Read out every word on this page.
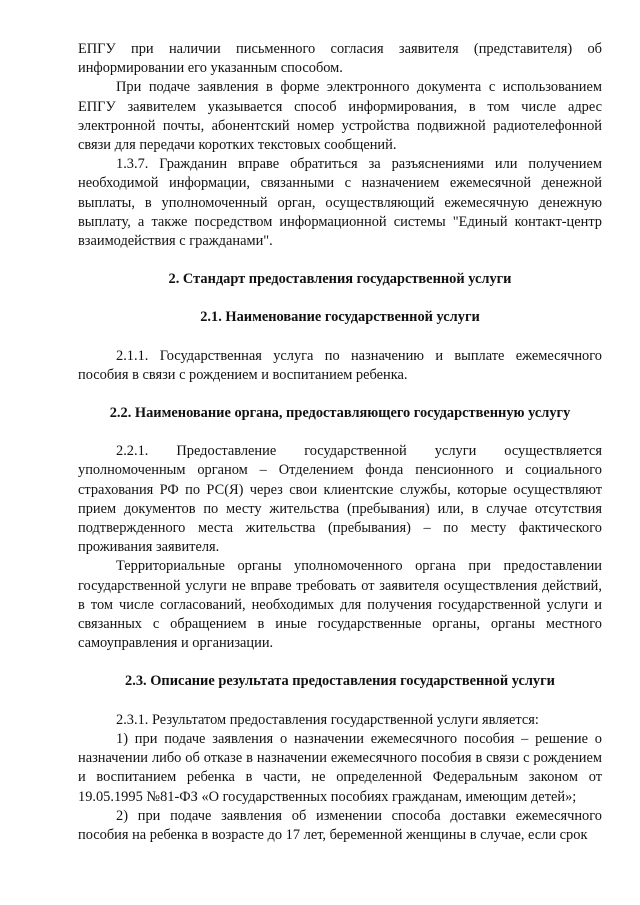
ЕПГУ при наличии письменного согласия заявителя (представителя) об информировании его указанным способом.

При подаче заявления в форме электронного документа с использованием ЕПГУ заявителем указывается способ информирования, в том числе адрес электронной почты, абонентский номер устройства подвижной радиотелефонной связи для передачи коротких текстовых сообщений.

1.3.7. Гражданин вправе обратиться за разъяснениями или получением необходимой информации, связанными с назначением ежемесячной денежной выплаты, в уполномоченный орган, осуществляющий ежемесячную денежную выплату, а также посредством информационной системы "Единый контакт-центр взаимодействия с гражданами".

2. Стандарт предоставления государственной услуги

2.1. Наименование государственной услуги

2.1.1. Государственная услуга по назначению и выплате ежемесячного пособия в связи с рождением и воспитанием ребенка.

2.2. Наименование органа, предоставляющего государственную услугу

2.2.1. Предоставление государственной услуги осуществляется уполномоченным органом – Отделением фонда пенсионного и социального страхования РФ по РС(Я) через свои клиентские службы, которые осуществляют прием документов по месту жительства (пребывания) или, в случае отсутствия подтвержденного места жительства (пребывания) – по месту фактического проживания заявителя.

Территориальные органы уполномоченного органа при предоставлении государственной услуги не вправе требовать от заявителя осуществления действий, в том числе согласований, необходимых для получения государственной услуги и связанных с обращением в иные государственные органы, органы местного самоуправления и организации.

2.3. Описание результата предоставления государственной услуги

2.3.1. Результатом предоставления государственной услуги является:

1) при подаче заявления о назначении ежемесячного пособия – решение о назначении либо об отказе в назначении ежемесячного пособия в связи с рождением и воспитанием ребенка в части, не определенной Федеральным законом от 19.05.1995 №81-ФЗ «О государственных пособиях гражданам, имеющим детей»;

2) при подаче заявления об изменении способа доставки ежемесячного пособия на ребенка в возрасте до 17 лет, беременной женщины в случае, если срок
